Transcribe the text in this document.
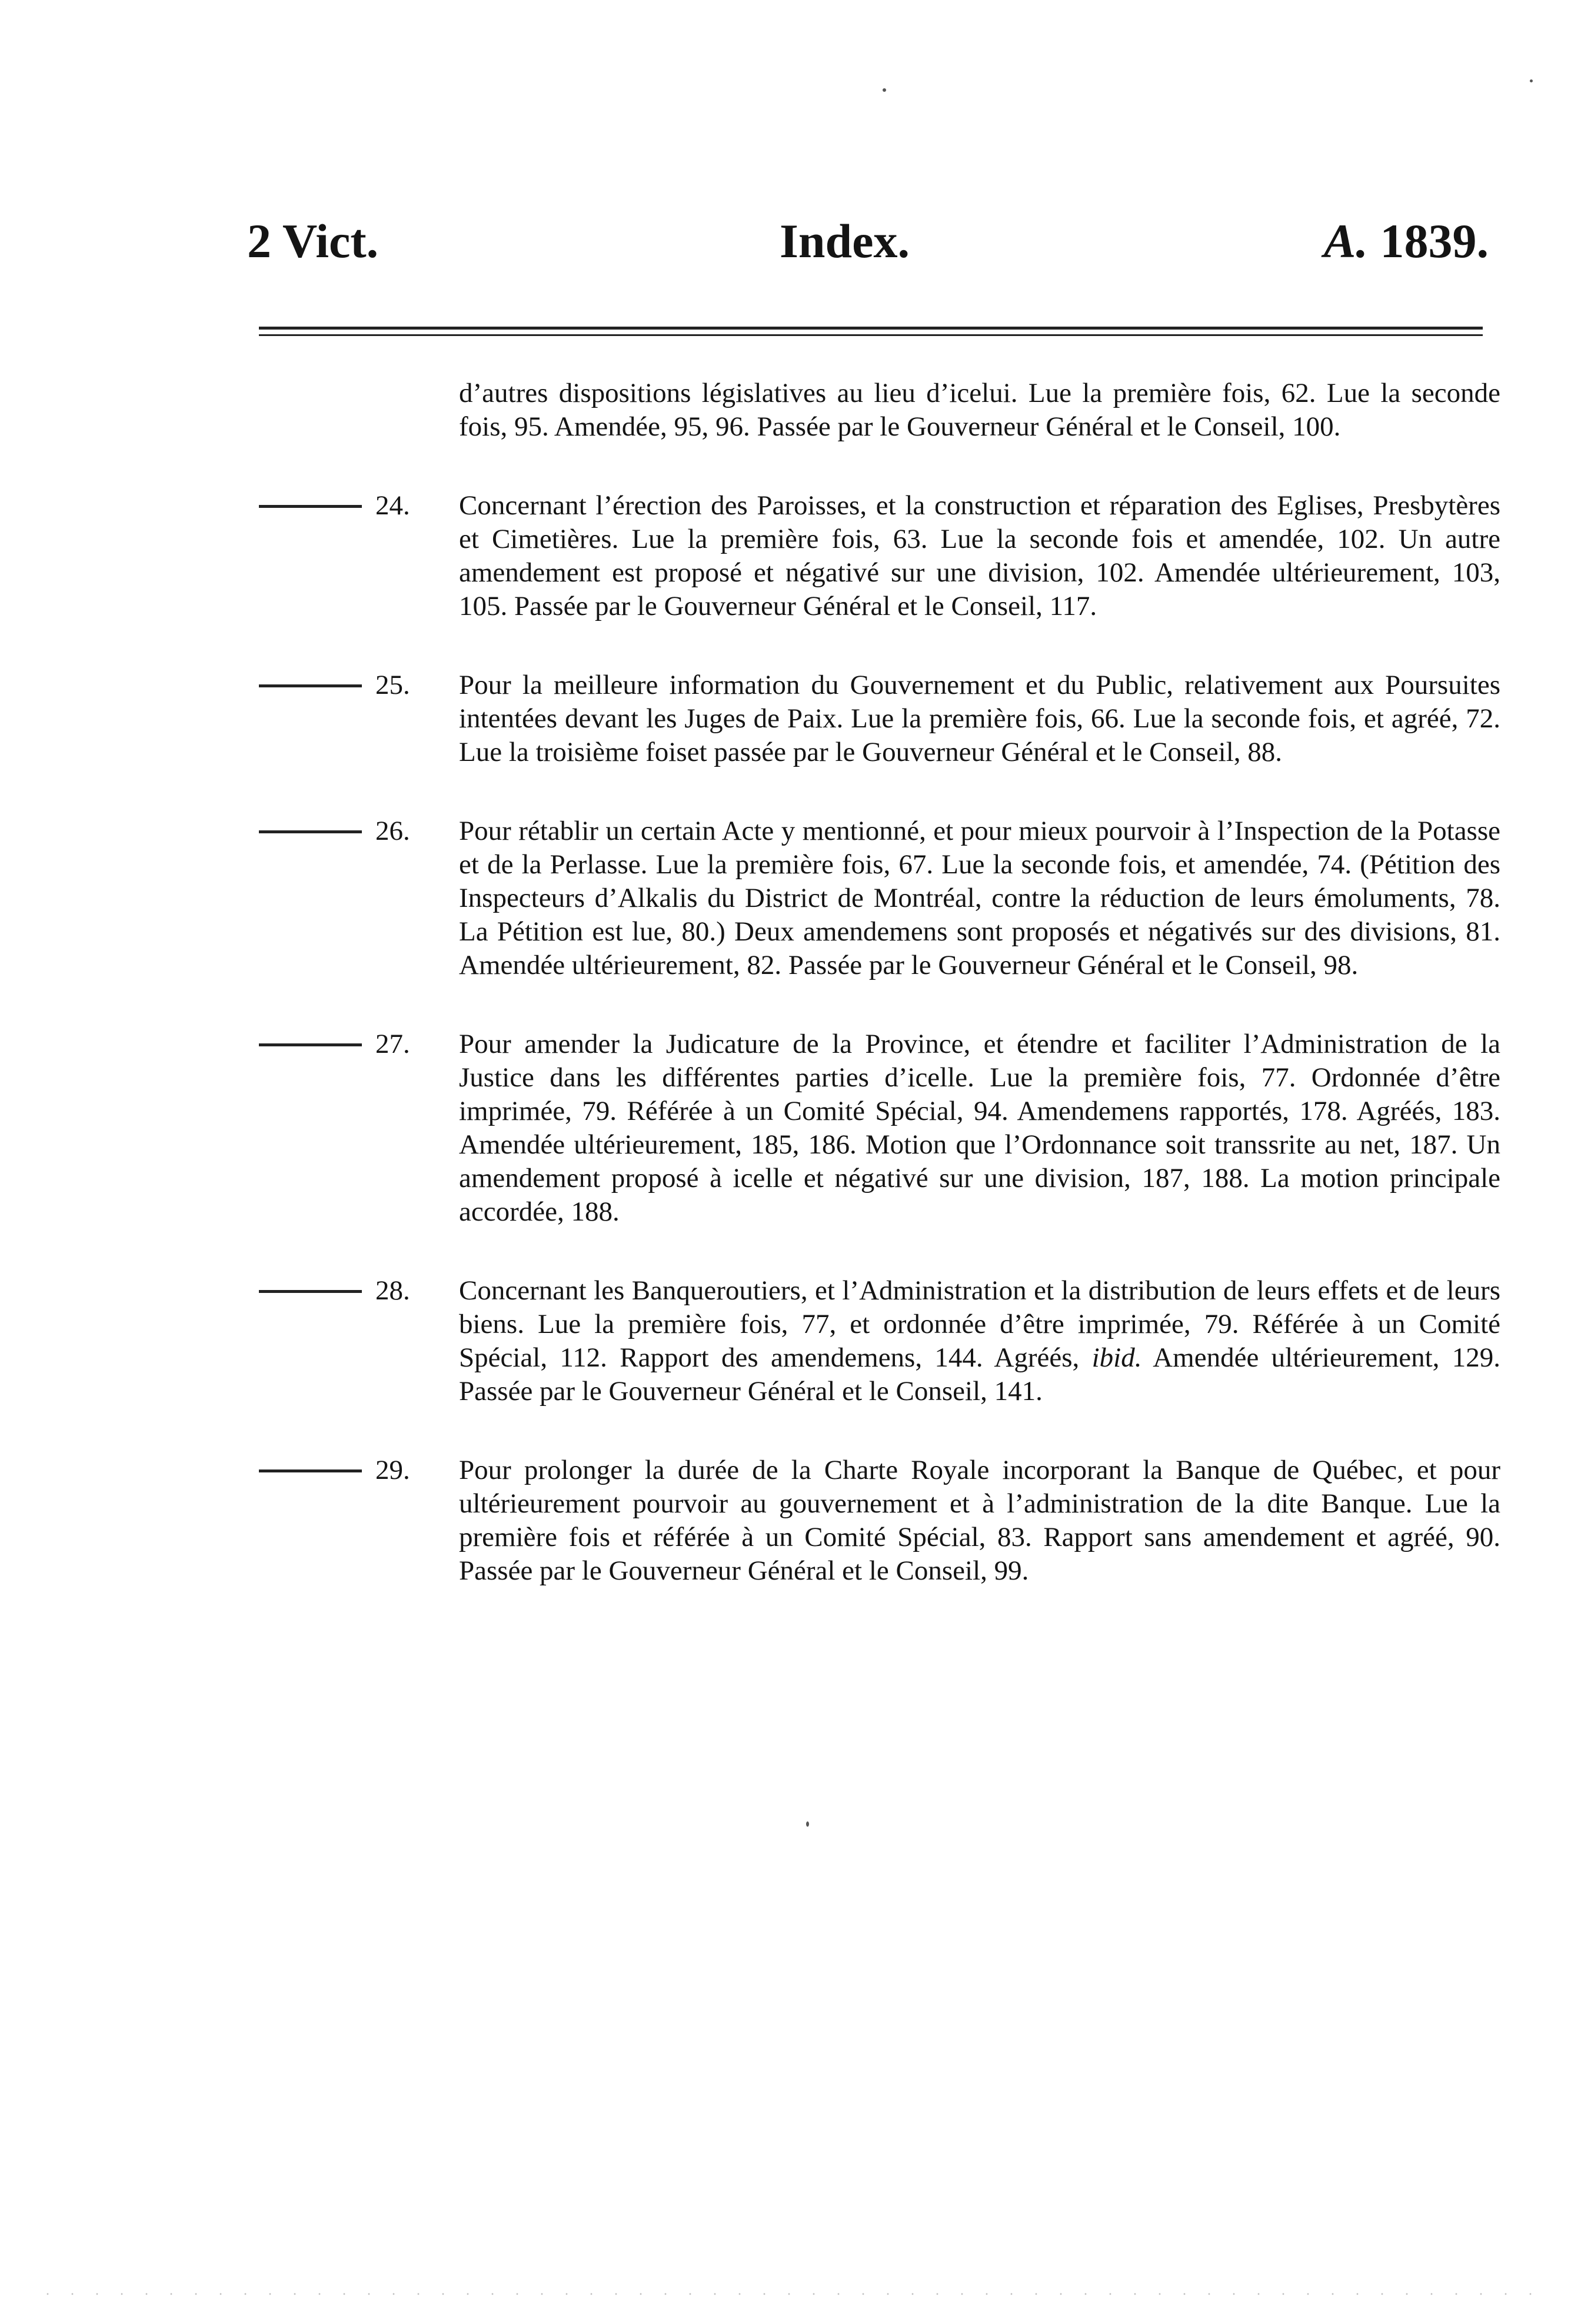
2 Vict.	Index.	A. 1839.
d’autres dispositions législatives au lieu d’icelui. Lue la première fois, 62. Lue la seconde fois, 95. Amendée, 95, 96. Passée par le Gouverneur Général et le Conseil, 100.
24. Concernant l’érection des Paroisses, et la construction et réparation des Eglises, Presbytères et Cimetières. Lue la première fois, 63. Lue la seconde fois et amendée, 102. Un autre amendement est proposé et négativé sur une division, 102. Amendée ultérieurement, 103, 105. Passée par le Gouverneur Général et le Conseil, 117.
25. Pour la meilleure information du Gouvernement et du Public, relativement aux Poursuites intentées devant les Juges de Paix. Lue la première fois, 66. Lue la seconde fois, et agréé, 72. Lue la troisième foiset passée par le Gouverneur Général et le Conseil, 88.
26. Pour rétablir un certain Acte y mentionné, et pour mieux pourvoir à l’Inspection de la Potasse et de la Perlasse. Lue la première fois, 67. Lue la seconde fois, et amendée, 74. (Pétition des Inspecteurs d’Alkalis du District de Montréal, contre la réduction de leurs émoluments, 78. La Pétition est lue, 80.) Deux amendemens sont proposés et négativés sur des divisions, 81. Amendée ultérieurement, 82. Passée par le Gouverneur Général et le Conseil, 98.
27. Pour amender la Judicature de la Province, et étendre et faciliter l’Administration de la Justice dans les différentes parties d’icelle. Lue la première fois, 77. Ordonnée d’être imprimée, 79. Référée à un Comité Spécial, 94. Amendemens rapportés, 178. Agréés, 183. Amendée ultérieurement, 185, 186. Motion que l’Ordonnance soit transsrite au net, 187. Un amendement proposé à icelle et négativé sur une division, 187, 188. La motion principale accordée, 188.
28. Concernant les Banqueroutiers, et l’Administration et la distribution de leurs effets et de leurs biens. Lue la première fois, 77, et ordonnée d’être imprimée, 79. Référée à un Comité Spécial, 112. Rapport des amendemens, 144. Agréés, ibid. Amendée ultérieurement, 129. Passée par le Gouverneur Général et le Conseil, 141.
29. Pour prolonger la durée de la Charte Royale incorporant la Banque de Québec, et pour ultérieurement pourvoir au gouvernement et à l’administration de la dite Banque. Lue la première fois et référée à un Comité Spécial, 83. Rapport sans amendement et agréé, 90. Passée par le Gouverneur Général et le Conseil, 99.
